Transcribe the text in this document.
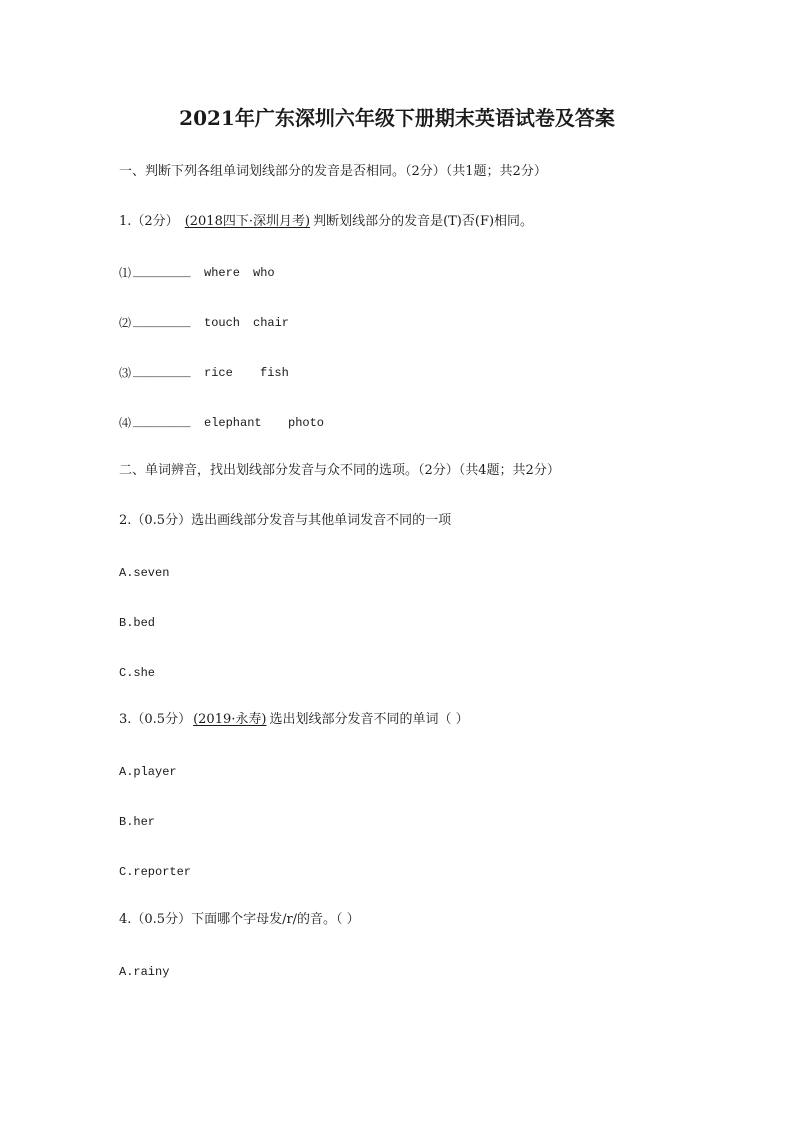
2021年广东深圳六年级下册期末英语试卷及答案
一、判断下列各组单词划线部分的发音是否相同。（2分）（共1题；共2分）
1.（2分） (2018四下·深圳月考) 判断划线部分的发音是(T)否(F)相同。
⑴ ________ where who
⑵ ________ touch chair
⑶ ________ rice fish
⑷ ________ elephant photo
二、单词辨音，找出划线部分发音与众不同的选项。（2分）（共4题；共2分）
2.（0.5分）选出画线部分发音与其他单词发音不同的一项
A.seven
B.bed
C.she
3.（0.5分） (2019·永寿) 选出划线部分发音不同的单词（ ）
A.player
B.her
C.reporter
4.（0.5分）下面哪个字母发/r/的音。（ ）
A.rainy
